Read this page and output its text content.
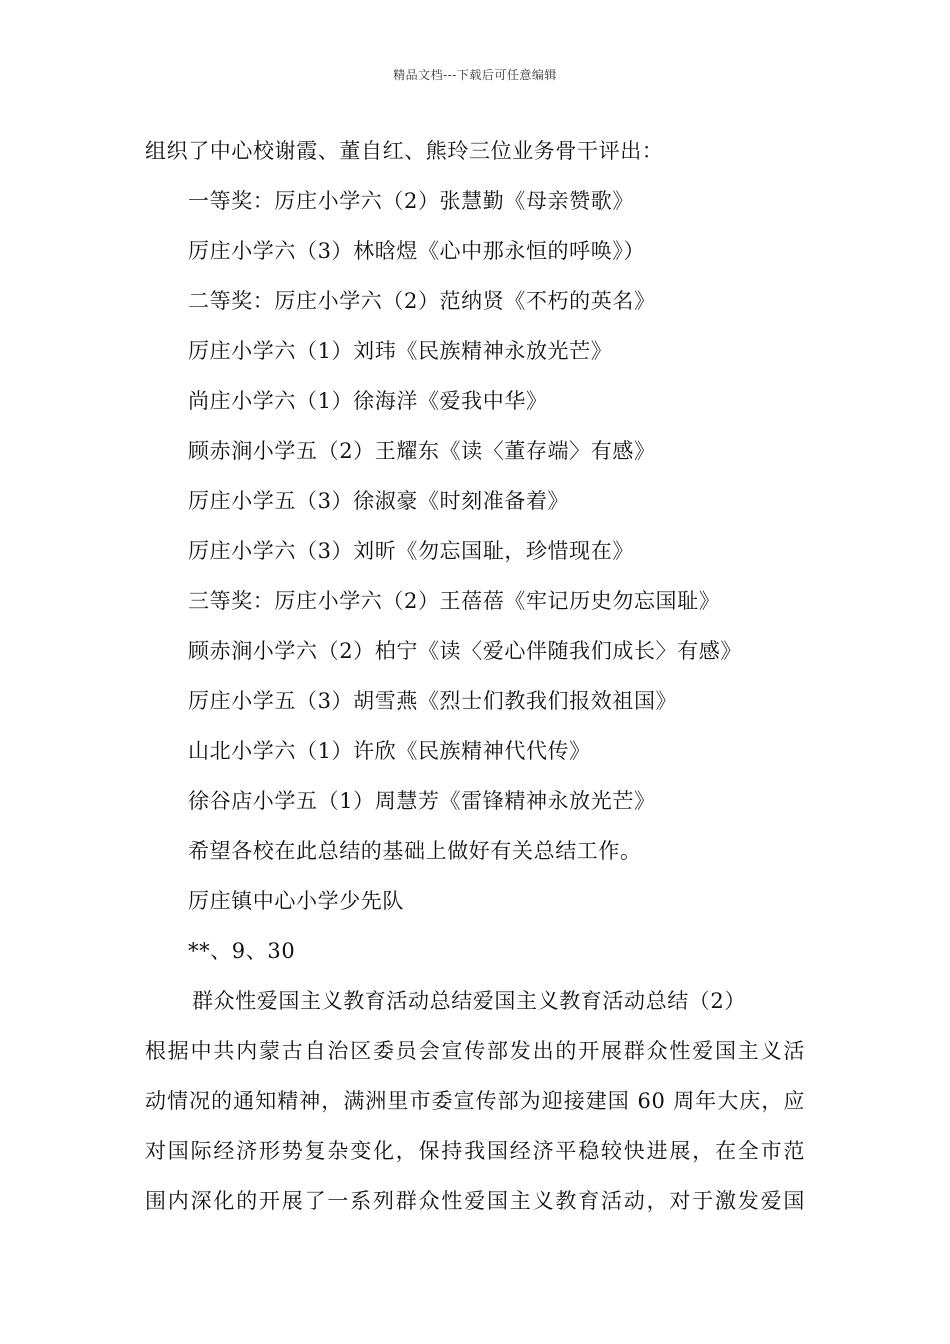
精品文档---下载后可任意编辑
组织了中心校谢霞、董自红、熊玲三位业务骨干评出：
一等奖：厉庄小学六（2）张慧勤《母亲赞歌》
厉庄小学六（3）林晗煜《心中那永恒的呼唤》）
二等奖：厉庄小学六（2）范纳贤《不朽的英名》
厉庄小学六（1）刘玮《民族精神永放光芒》
尚庄小学六（1）徐海洋《爱我中华》
顾赤涧小学五（2）王耀东《读〈董存端〉有感》
厉庄小学五（3）徐淑豪《时刻准备着》
厉庄小学六（3）刘昕《勿忘国耻，珍惜现在》
三等奖：厉庄小学六（2）王蓓蓓《牢记历史勿忘国耻》
顾赤涧小学六（2）柏宁《读〈爱心伴随我们成长〉有感》
厉庄小学五（3）胡雪燕《烈士们教我们报效祖国》
山北小学六（1）许欣《民族精神代代传》
徐谷店小学五（1）周慧芳《雷锋精神永放光芒》
希望各校在此总结的基础上做好有关总结工作。
厉庄镇中心小学少先队
**、9、30
群众性爱国主义教育活动总结爱国主义教育活动总结（2）
根据中共内蒙古自治区委员会宣传部发出的开展群众性爱国主义活
动情况的通知精神，满洲里市委宣传部为迎接建国 60 周年大庆，应
对国际经济形势复杂变化，保持我国经济平稳较快进展，在全市范
围内深化的开展了一系列群众性爱国主义教育活动，对于激发爱国
